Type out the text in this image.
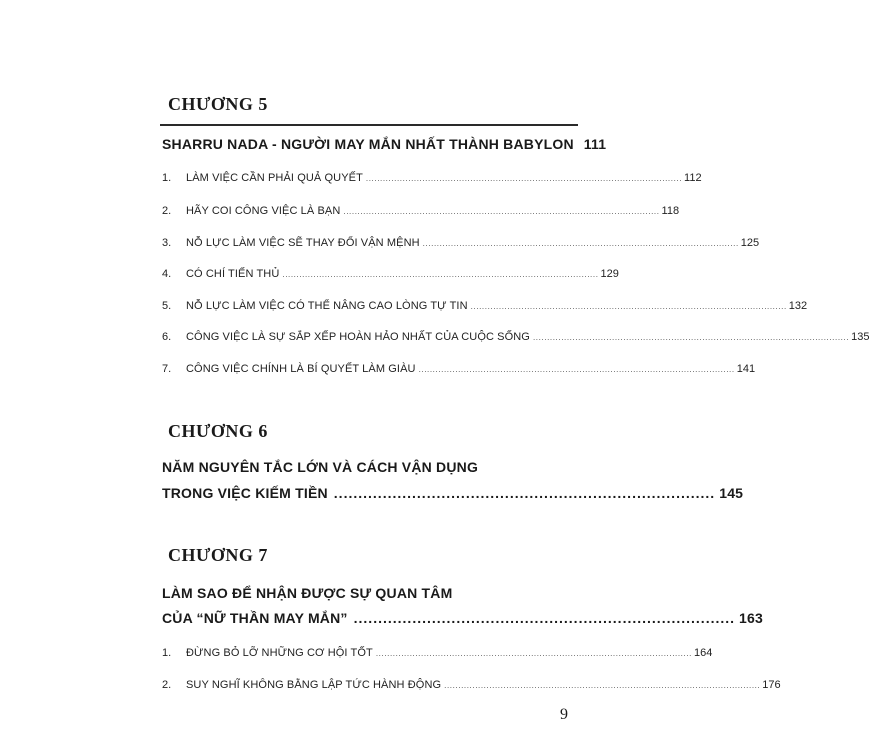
CHƯƠNG 5
SHARRU NADA - NGƯỜI MAY MẮN NHẤT THÀNH BABYLON 111
1.	LÀM VIỆC CẦN PHẢI QUẢ QUYẾT ................................................................................................................ 112
2.	HÃY COI CÔNG VIỆC LÀ BẠN ................................................................................................................ 118
3.	NỖ LỰC LÀM VIỆC SẼ THAY ĐỔI VẬN MỆNH ................................................................................................................ 125
4.	CÓ CHÍ TIẾN THỦ ................................................................................................................ 129
5.	NỖ LỰC LÀM VIỆC CÓ THỂ NÂNG CAO LÒNG TỰ TIN ................................................................................................................ 132
6.	CÔNG VIỆC LÀ SỰ SẮP XẾP HOÀN HẢO NHẤT CỦA CUỘC SỐNG ................................................................................................................ 135
7.	CÔNG VIỆC CHÍNH LÀ BÍ QUYẾT LÀM GIÀU ................................................................................................................ 141
CHƯƠNG 6
NĂM NGUYÊN TẮC LỚN VÀ CÁCH VẬN DỤNG
TRONG VIỆC KIẾM TIỀN .............................................................................. 145
CHƯƠNG 7
LÀM SAO ĐỂ NHẬN ĐƯỢC SỰ QUAN TÂM
CỦA “NỮ THẦN MAY MẮN” .............................................................................. 163
1.	ĐỪNG BỎ LỠ NHỮNG CƠ HỘI TỐT ................................................................................................................ 164
2.	SUY NGHĨ KHÔNG BẰNG LẬP TỨC HÀNH ĐỘNG ................................................................................................................ 176
9
